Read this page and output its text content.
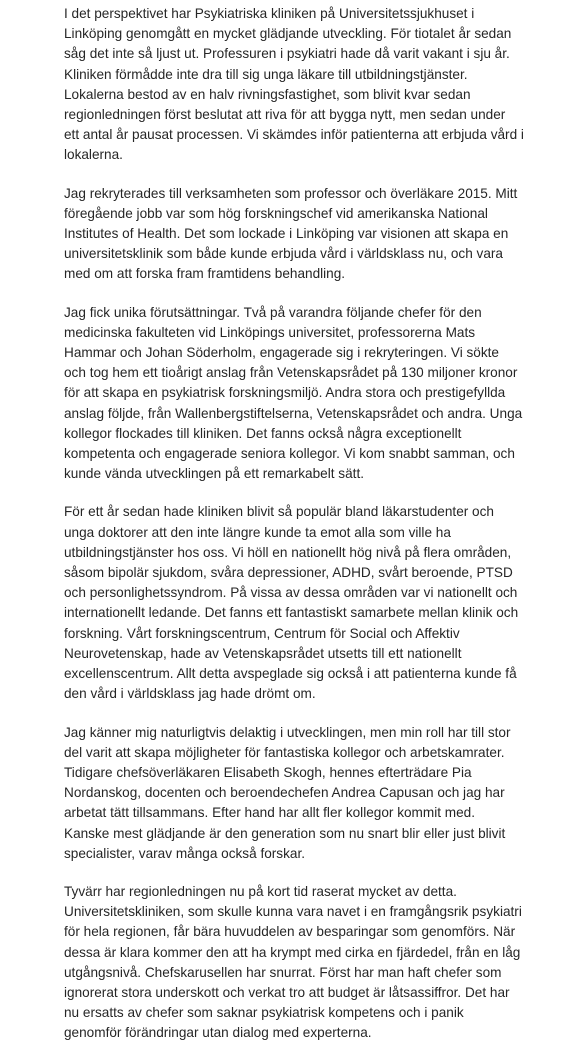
I det perspektivet har Psykiatriska kliniken på Universitetssjukhuset i Linköping genomgått en mycket glädjande utveckling. För tiotalet år sedan såg det inte så ljust ut. Professuren i psykiatri hade då varit vakant i sju år. Kliniken förmådde inte dra till sig unga läkare till utbildningstjänster. Lokalerna bestod av en halv rivningsfastighet, som blivit kvar sedan regionledningen först beslutat att riva för att bygga nytt, men sedan under ett antal år pausat processen. Vi skämdes inför patienterna att erbjuda vård i lokalerna.

Jag rekryterades till verksamheten som professor och överläkare 2015. Mitt föregående jobb var som hög forskningschef vid amerikanska National Institutes of Health. Det som lockade i Linköping var visionen att skapa en universitetsklinik som både kunde erbjuda vård i världsklass nu, och vara med om att forska fram framtidens behandling.

Jag fick unika förutsättningar. Två på varandra följande chefer för den medicinska fakulteten vid Linköpings universitet, professorerna Mats Hammar och Johan Söderholm, engagerade sig i rekryteringen. Vi sökte och tog hem ett tioårigt anslag från Vetenskapsrådet på 130 miljoner kronor för att skapa en psykiatrisk forskningsmiljö. Andra stora och prestigefyllda anslag följde, från Wallenbergstiftelserna, Vetenskapsrådet och andra. Unga kollegor flockades till kliniken. Det fanns också några exceptionellt kompetenta och engagerade seniora kollegor. Vi kom snabbt samman, och kunde vända utvecklingen på ett remarkabelt sätt.

För ett år sedan hade kliniken blivit så populär bland läkarstudenter och unga doktorer att den inte längre kunde ta emot alla som ville ha utbildningstjänster hos oss. Vi höll en nationellt hög nivå på flera områden, såsom bipolär sjukdom, svåra depressioner, ADHD, svårt beroende, PTSD och personlighetssyndrom. På vissa av dessa områden var vi nationellt och internationellt ledande. Det fanns ett fantastiskt samarbete mellan klinik och forskning. Vårt forskningscentrum, Centrum för Social och Affektiv Neurovetenskap, hade av Vetenskapsrådet utsetts till ett nationellt excellenscentrum. Allt detta avspeglade sig också i att patienterna kunde få den vård i världsklass jag hade drömt om.

Jag känner mig naturligtvis delaktig i utvecklingen, men min roll har till stor del varit att skapa möjligheter för fantastiska kollegor och arbetskamrater. Tidigare chefsöverläkaren Elisabeth Skogh, hennes efterträdare Pia Nordanskog, docenten och beroendechefen Andrea Capusan och jag har arbetat tätt tillsammans. Efter hand har allt fler kollegor kommit med. Kanske mest glädjande är den generation som nu snart blir eller just blivit specialister, varav många också forskar.

Tyvärr har regionledningen nu på kort tid raserat mycket av detta. Universitetskliniken, som skulle kunna vara navet i en framgångsrik psykiatri för hela regionen, får bära huvuddelen av besparingar som genomförs. När dessa är klara kommer den att ha krympt med cirka en fjärdedel, från en låg utgångsnivå. Chefskarusellen har snurrat. Först har man haft chefer som ignorerat stora underskott och verkat tro att budget är låtsassiffror. Det har nu ersatts av chefer som saknar psykiatrisk kompetens och i panik genomför förändringar utan dialog med experterna.
